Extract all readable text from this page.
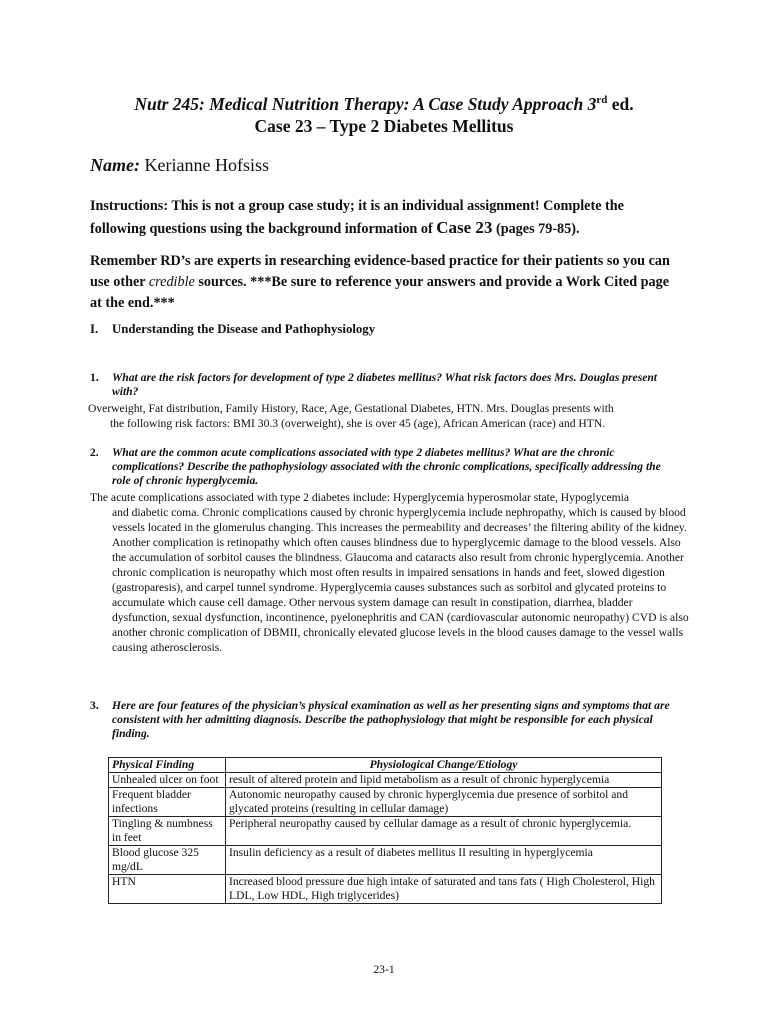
Nutr 245: Medical Nutrition Therapy: A Case Study Approach 3rd ed.
Case 23 – Type 2 Diabetes Mellitus
Name: Kerianne Hofsiss
Instructions: This is not a group case study; it is an individual assignment! Complete the following questions using the background information of Case 23 (pages 79-85).
Remember RD’s are experts in researching evidence-based practice for their patients so you can use other credible sources. ***Be sure to reference your answers and provide a Work Cited page at the end.***
I. Understanding the Disease and Pathophysiology
1.	What are the risk factors for development of type 2 diabetes mellitus? What risk factors does Mrs. Douglas present with?
Overweight, Fat distribution, Family History, Race, Age, Gestational Diabetes, HTN. Mrs. Douglas presents with
the following risk factors: BMI 30.3 (overweight), she is over 45 (age), African American (race) and HTN.
2.	What are the common acute complications associated with type 2 diabetes mellitus? What are the chronic complications? Describe the pathophysiology associated with the chronic complications, specifically addressing the role of chronic hyperglycemia.
The acute complications associated with type 2 diabetes include: Hyperglycemia hyperosmolar state, Hypoglycemia
and diabetic coma. Chronic complications caused by chronic hyperglycemia include nephropathy, which is caused by blood vessels located in the glomerulus changing. This increases the permeability and decreases’ the filtering ability of the kidney. Another complication is retinopathy which often causes blindness due to hyperglycemic damage to the blood vessels. Also the accumulation of sorbitol causes the blindness. Glaucoma and cataracts also result from chronic hyperglycemia. Another chronic complication is neuropathy which most often results in impaired sensations in hands and feet, slowed digestion (gastroparesis), and carpel tunnel syndrome. Hyperglycemia causes substances such as sorbitol and glycated proteins to accumulate which cause cell damage. Other nervous system damage can result in constipation, diarrhea, bladder dysfunction, sexual dysfunction, incontinence, pyelonephritis and CAN (cardiovascular autonomic neuropathy) CVD is also another chronic complication of DBMII, chronically elevated glucose levels in the blood causes damage to the vessel walls causing atherosclerosis.
3.	Here are four features of the physician’s physical examination as well as her presenting signs and symptoms that are consistent with her admitting diagnosis. Describe the pathophysiology that might be responsible for each physical finding.
Physical Finding	Physiological Change/Etiology
Unhealed ulcer on foot	result of altered protein and lipid metabolism as a result of chronic hyperglycemia
Frequent bladder infections	Autonomic neuropathy caused by chronic hyperglycemia due presence of sorbitol and glycated proteins (resulting in cellular damage)
Tingling & numbness in feet	Peripheral neuropathy caused by cellular damage as a result of chronic hyperglycemia.
Blood glucose 325 mg/dL	Insulin deficiency as a result of diabetes mellitus II resulting in hyperglycemia
HTN	Increased blood pressure due high intake of saturated and tans fats ( High Cholesterol, High LDL, Low HDL, High triglycerides)
23-1
